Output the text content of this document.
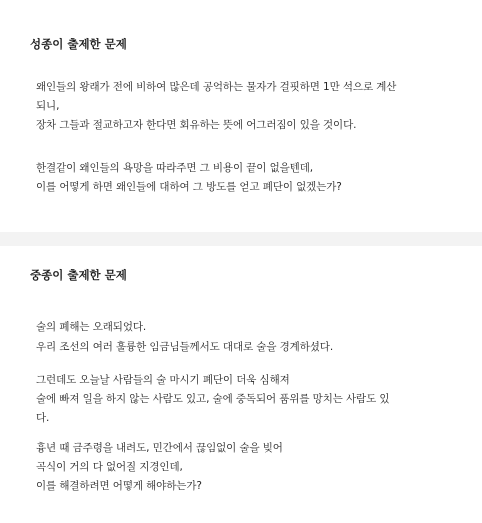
성종이 출제한 문제
왜인들의 왕래가 전에 비하여 많은데 공억하는 물자가 걸핏하면 1만 석으로 계산
되니,
장차 그들과 절교하고자 한다면 회유하는 뜻에 어그러짐이 있을 것이다.
한결같이 왜인들의 욕망을 따라주면 그 비용이 끝이 없을텐데,
이를 어떻게 하면 왜인들에 대하여 그 방도를 얻고 폐단이 없겠는가?
중종이 출제한 문제
술의 폐해는 오래되었다.
우리 조선의 여러 훌륭한 임금님들께서도 대대로 술을 경계하셨다.
그런데도 오늘날 사람들의 술 마시기 폐단이 더욱 심해져
술에 빠져 일을 하지 않는 사람도 있고, 술에 중독되어 품위를 망치는 사람도 있
다.
흉년 때 금주령을 내려도, 민간에서 끊임없이 술을 빚어
곡식이 거의 다 없어질 지경인데,
이를 해결하려면 어떻게 해야하는가?
